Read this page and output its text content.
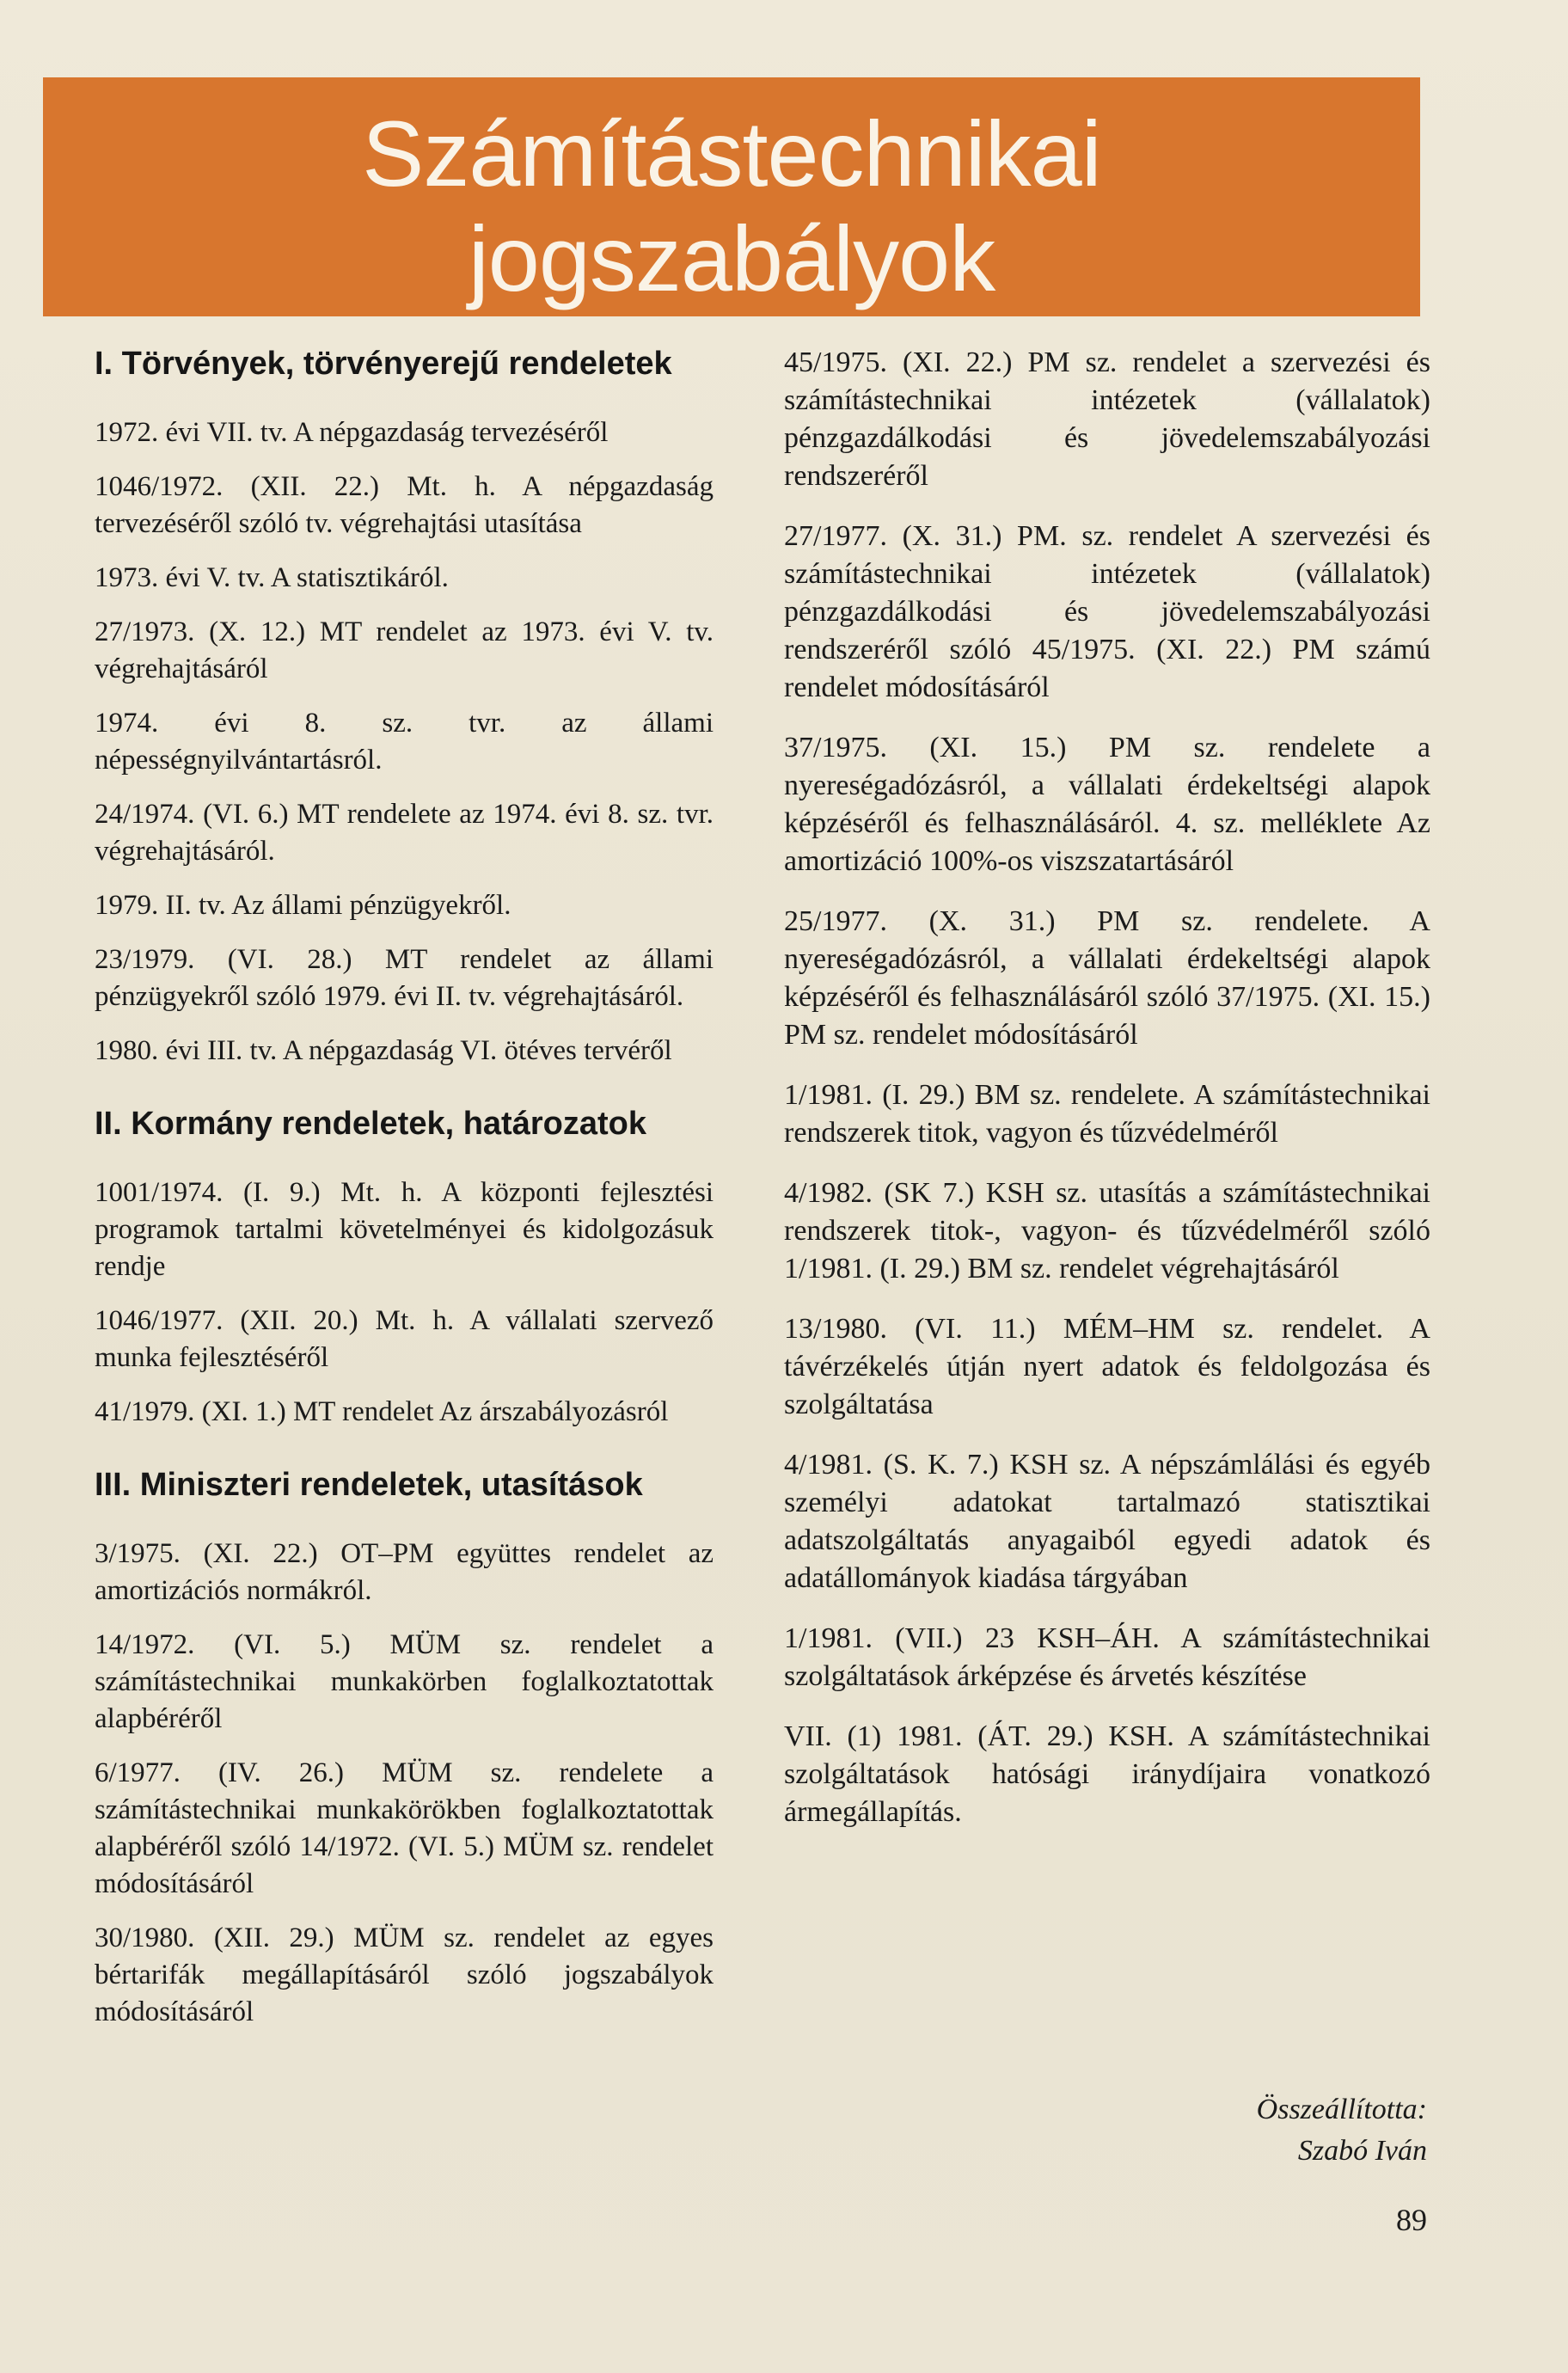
Számítástechnikai
jogszabályok
I. Törvények, törvényerejű rendeletek

1972. évi VII. tv. A népgazdaság tervezéséről

1046/1972. (XII. 22.) Mt. h. A népgazdaság tervezéséről szóló tv. végrehajtási utasítása

1973. évi V. tv. A statisztikáról.

27/1973. (X. 12.) MT rendelet az 1973. évi V. tv. végrehajtásáról

1974. évi 8. sz. tvr. az állami népességnyilvántartásról.

24/1974. (VI. 6.) MT rendelete az 1974. évi 8. sz. tvr. végrehajtásáról.

1979. II. tv. Az állami pénzügyekről.

23/1979. (VI. 28.) MT rendelet az állami pénzügyekről szóló 1979. évi II. tv. végrehajtásáról.

1980. évi III. tv. A népgazdaság VI. ötéves tervéről

II. Kormány rendeletek, határozatok

1001/1974. (I. 9.) Mt. h. A központi fejlesztési programok tartalmi követelményei és kidolgozásuk rendje

1046/1977. (XII. 20.) Mt. h. A vállalati szervező munka fejlesztéséről

41/1979. (XI. 1.) MT rendelet Az árszabályozásról

III. Miniszteri rendeletek, utasítások

3/1975. (XI. 22.) OT–PM együttes rendelet az amortizációs normákról.

14/1972. (VI. 5.) MÜM sz. rendelet a számítástechnikai munkakörben foglalkoztatottak alapbéréről

6/1977. (IV. 26.) MÜM sz. rendelete a számítástechnikai munkakörökben foglalkoztatottak alapbéréről szóló 14/1972. (VI. 5.) MÜM sz. rendelet módosításáról

30/1980. (XII. 29.) MÜM sz. rendelet az egyes bértarifák megállapításáról szóló jogszabályok módosításáról

45/1975. (XI. 22.) PM sz. rendelet a szervezési és számítástechnikai intézetek (vállalatok) pénzgazdálkodási és jövedelemszabályozási rendszeréről

27/1977. (X. 31.) PM. sz. rendelet A szervezési és számítástechnikai intézetek (vállalatok) pénzgazdálkodási és jövedelemszabályozási rendszeréről szóló 45/1975. (XI. 22.) PM számú rendelet módosításáról

37/1975. (XI. 15.) PM sz. rendelete a nyereségadózásról, a vállalati érdekeltségi alapok képzéséről és felhasználásáról. 4. sz. melléklete Az amortizáció 100%-os viszszatartásáról

25/1977. (X. 31.) PM sz. rendelete. A nyereségadózásról, a vállalati érdekeltségi alapok képzéséről és felhasználásáról szóló 37/1975. (XI. 15.) PM sz. rendelet módosításáról

1/1981. (I. 29.) BM sz. rendelete. A számítástechnikai rendszerek titok, vagyon és tűzvédelméről

4/1982. (SK 7.) KSH sz. utasítás a számítástechnikai rendszerek titok-, vagyon- és tűzvédelméről szóló 1/1981. (I. 29.) BM sz. rendelet végrehajtásáról

13/1980. (VI. 11.) MÉM–HM sz. rendelet. A távérzékelés útján nyert adatok és feldolgozása és szolgáltatása

4/1981. (S. K. 7.) KSH sz. A népszámlálási és egyéb személyi adatokat tartalmazó statisztikai adatszolgáltatás anyagaiból egyedi adatok és adatállományok kiadása tárgyában

1/1981. (VII.) 23 KSH–ÁH. A számítástechnikai szolgáltatások árképzése és árvetés készítése

VII. (1) 1981. (ÁT. 29.) KSH. A számítástechnikai szolgáltatások hatósági iránydíjaira vonatkozó ármegállapítás.

Összeállította:
Szabó Iván
89
